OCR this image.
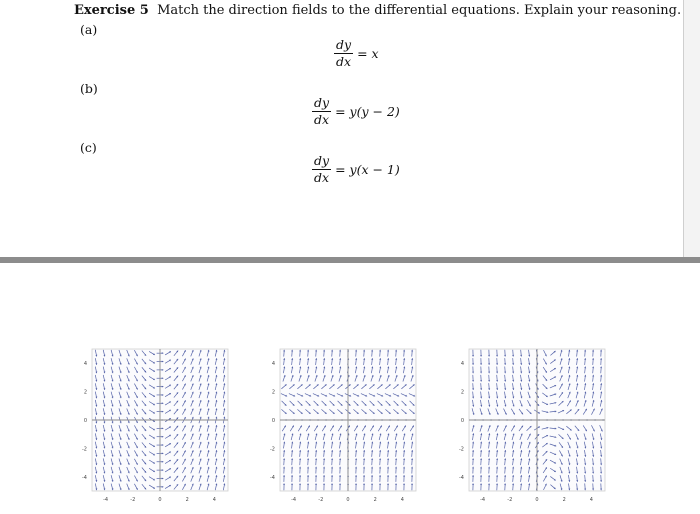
Exercise 5 Match the direction fields to the differential equations. Explain your reasoning.
(a)
$\frac{dy}{dx} = x$
(b)
$\frac{dy}{dx} = y(y - 2)$
(c)
$\frac{dy}{dx} = y(x - 1)$
-4	-2	0	2	4
4
2
0
-2
-4
-4	-2	0	2	4
4
2
0
-2
-4
-4	-2	0	2	4
4
2
0
-2
-4
